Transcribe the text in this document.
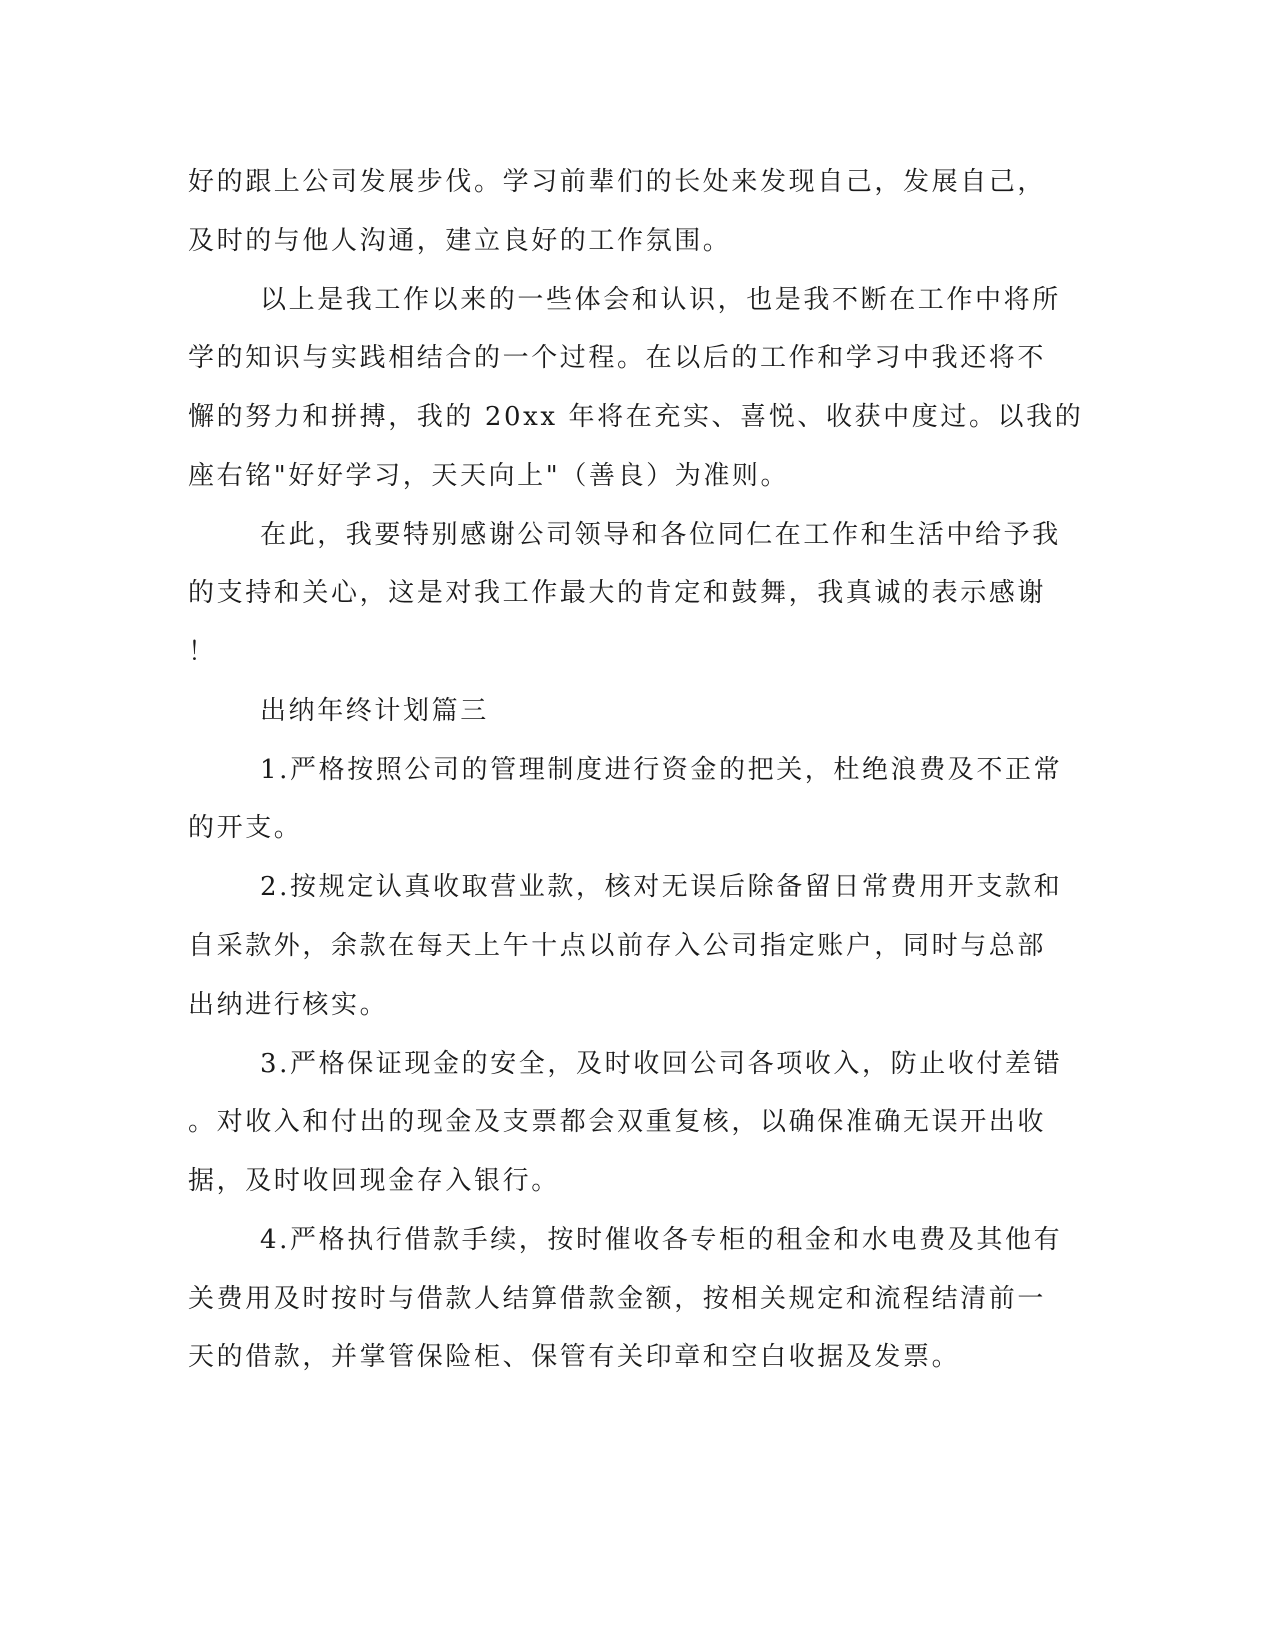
好的跟上公司发展步伐。学习前辈们的长处来发现自己，发展自己，
及时的与他人沟通，建立良好的工作氛围。
以上是我工作以来的一些体会和认识，也是我不断在工作中将所
学的知识与实践相结合的一个过程。在以后的工作和学习中我还将不
懈的努力和拼搏，我的 20xx 年将在充实、喜悦、收获中度过。以我的
座右铭"好好学习，天天向上"（善良）为准则。
在此，我要特别感谢公司领导和各位同仁在工作和生活中给予我
的支持和关心，这是对我工作最大的肯定和鼓舞，我真诚的表示感谢
！
出纳年终计划篇三
1.严格按照公司的管理制度进行资金的把关，杜绝浪费及不正常
的开支。
2.按规定认真收取营业款，核对无误后除备留日常费用开支款和
自采款外，余款在每天上午十点以前存入公司指定账户，同时与总部
出纳进行核实。
3.严格保证现金的安全，及时收回公司各项收入，防止收付差错
。对收入和付出的现金及支票都会双重复核，以确保准确无误开出收
据，及时收回现金存入银行。
4.严格执行借款手续，按时催收各专柜的租金和水电费及其他有
关费用及时按时与借款人结算借款金额，按相关规定和流程结清前一
天的借款，并掌管保险柜、保管有关印章和空白收据及发票。
